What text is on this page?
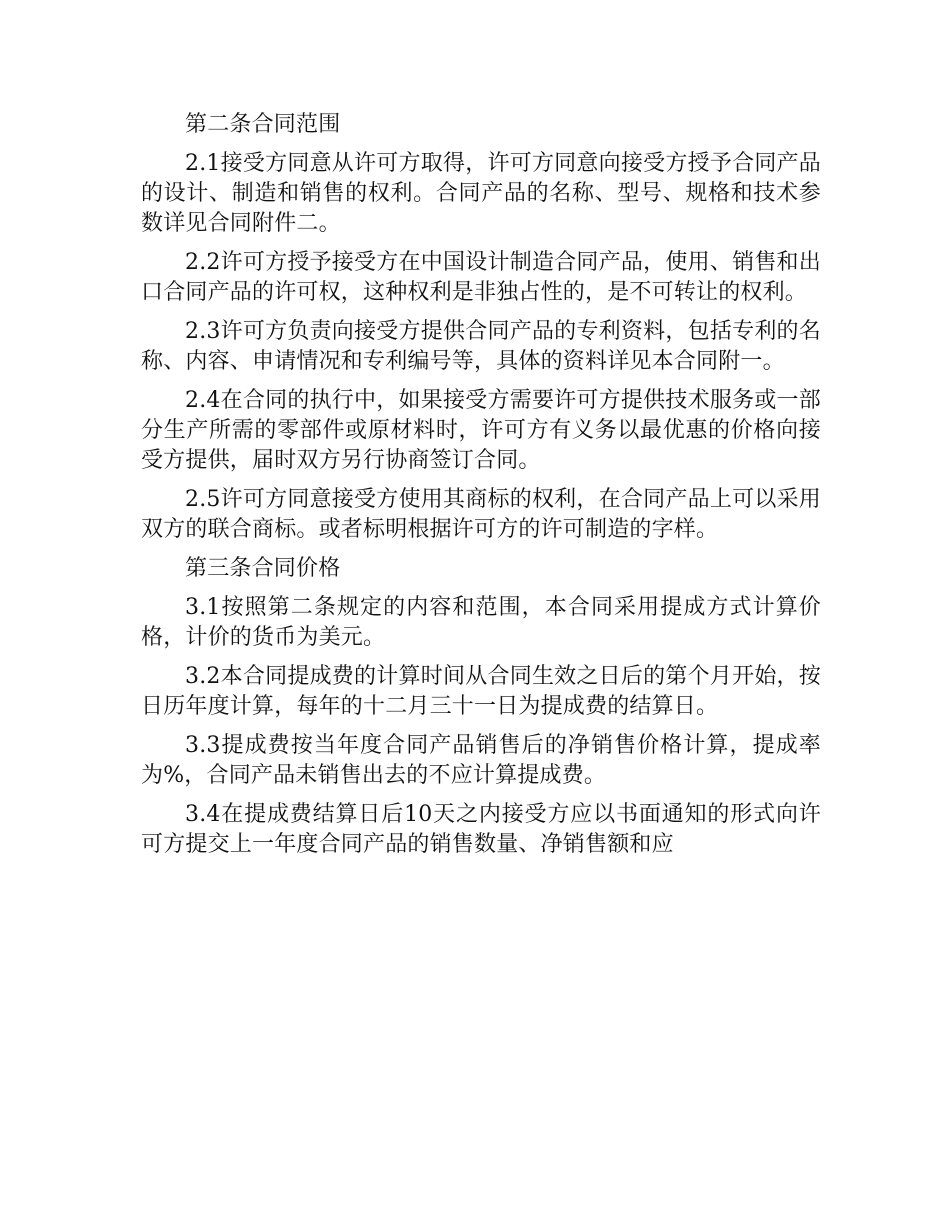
第二条合同范围

2.1接受方同意从许可方取得，许可方同意向接受方授予合同产品的设计、制造和销售的权利。合同产品的名称、型号、规格和技术参数详见合同附件二。

2.2许可方授予接受方在中国设计制造合同产品，使用、销售和出口合同产品的许可权，这种权利是非独占性的，是不可转让的权利。

2.3许可方负责向接受方提供合同产品的专利资料，包括专利的名称、内容、申请情况和专利编号等，具体的资料详见本合同附一。

2.4在合同的执行中，如果接受方需要许可方提供技术服务或一部分生产所需的零部件或原材料时，许可方有义务以最优惠的价格向接受方提供，届时双方另行协商签订合同。

2.5许可方同意接受方使用其商标的权利，在合同产品上可以采用双方的联合商标。或者标明根据许可方的许可制造的字样。

第三条合同价格

3.1按照第二条规定的内容和范围，本合同采用提成方式计算价格，计价的货币为美元。

3.2本合同提成费的计算时间从合同生效之日后的第个月开始，按日历年度计算，每年的十二月三十一日为提成费的结算日。

3.3提成费按当年度合同产品销售后的净销售价格计算，提成率为%，合同产品未销售出去的不应计算提成费。

3.4在提成费结算日后10天之内接受方应以书面通知的形式向许可方提交上一年度合同产品的销售数量、净销售额和应
